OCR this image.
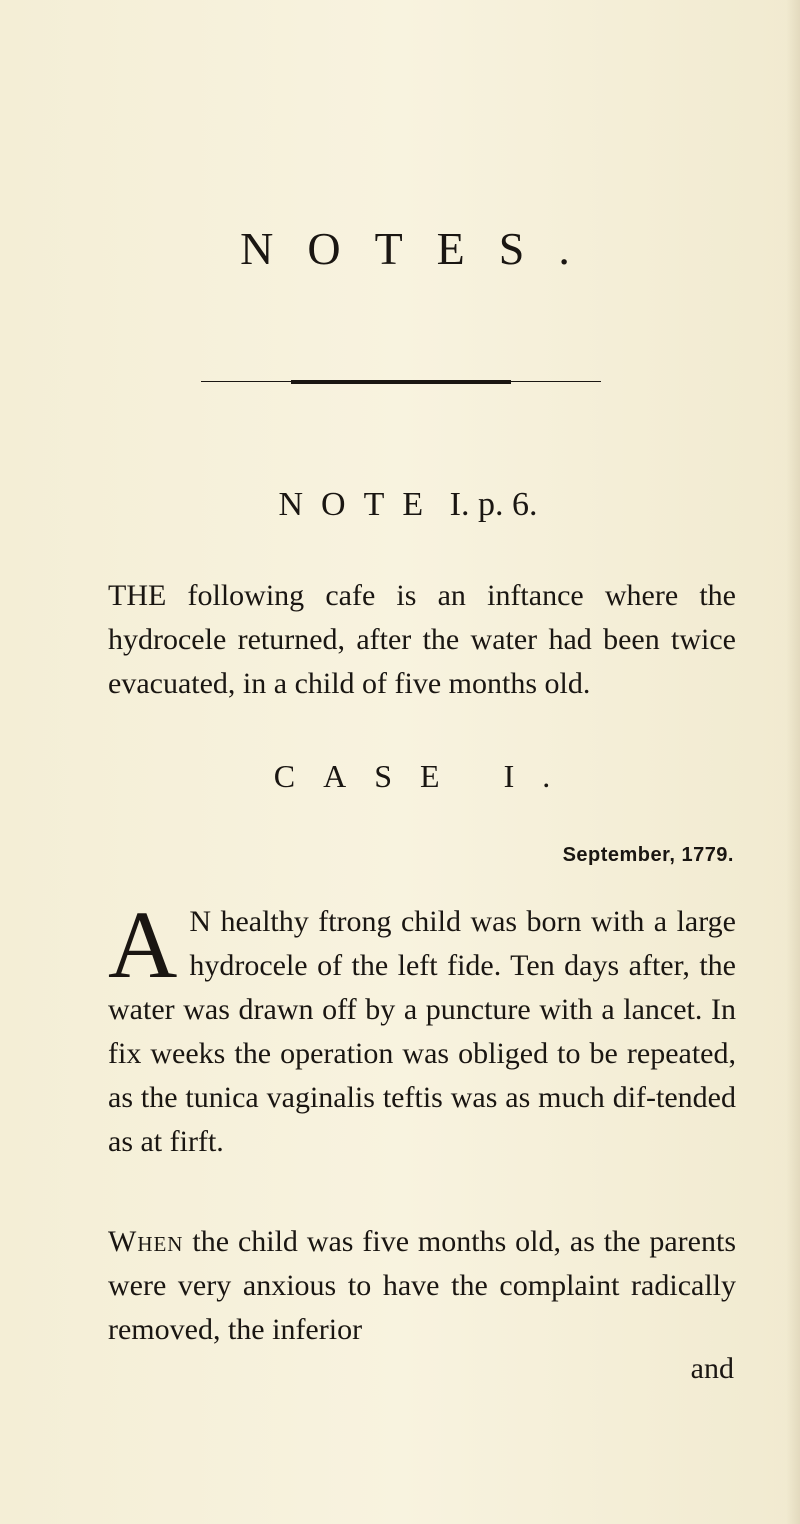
NOTES.
NOTE I. p. 6.
THE following cafe is an inftance where the hydrocele returned, after the water had been twice evacuated, in a child of five months old.
CASE I.
September, 1779.
A N healthy ftrong child was born with a large hydrocele of the left fide. Ten days after, the water was drawn off by a puncture with a lancet. In fix weeks the operation was obliged to be repeated, as the tunica vaginalis teftis was as much dif-tended as at firft.
When the child was five months old, as the parents were very anxious to have the complaint radically removed, the inferior
and
